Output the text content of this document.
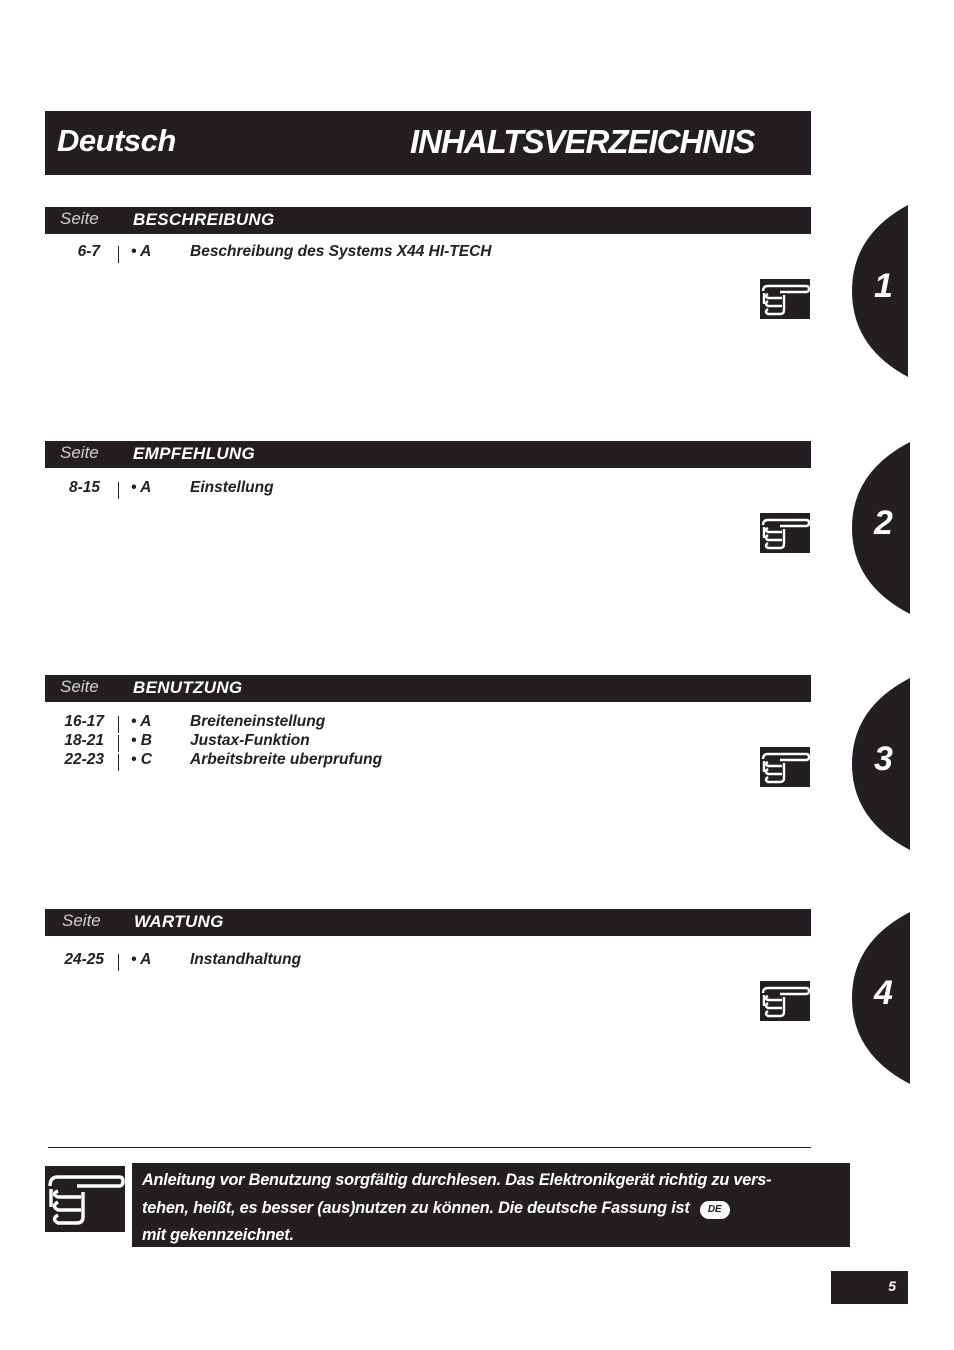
Deutsch	INHALTSVERZEICHNIS
Seite BESCHREIBUNG
6-7 • A Beschreibung des Systems X44 HI-TECH
Seite EMPFEHLUNG
8-15 • A Einstellung
Seite BENUTZUNG
16-17 • A Breiteneinstellung
18-21 • B Justax-Funktion
22-23 • C Arbeitsbreite uberprufung
Seite WARTUNG
24-25 • A Instandhaltung
1
2
3
4
Anleitung vor Benutzung sorgfältig durchlesen. Das Elektronikgerät richtig zu vers-
tehen, heißt, es besser (aus)nutzen zu können. Die deutsche Fassung ist DE
mit gekennzeichnet.
5
